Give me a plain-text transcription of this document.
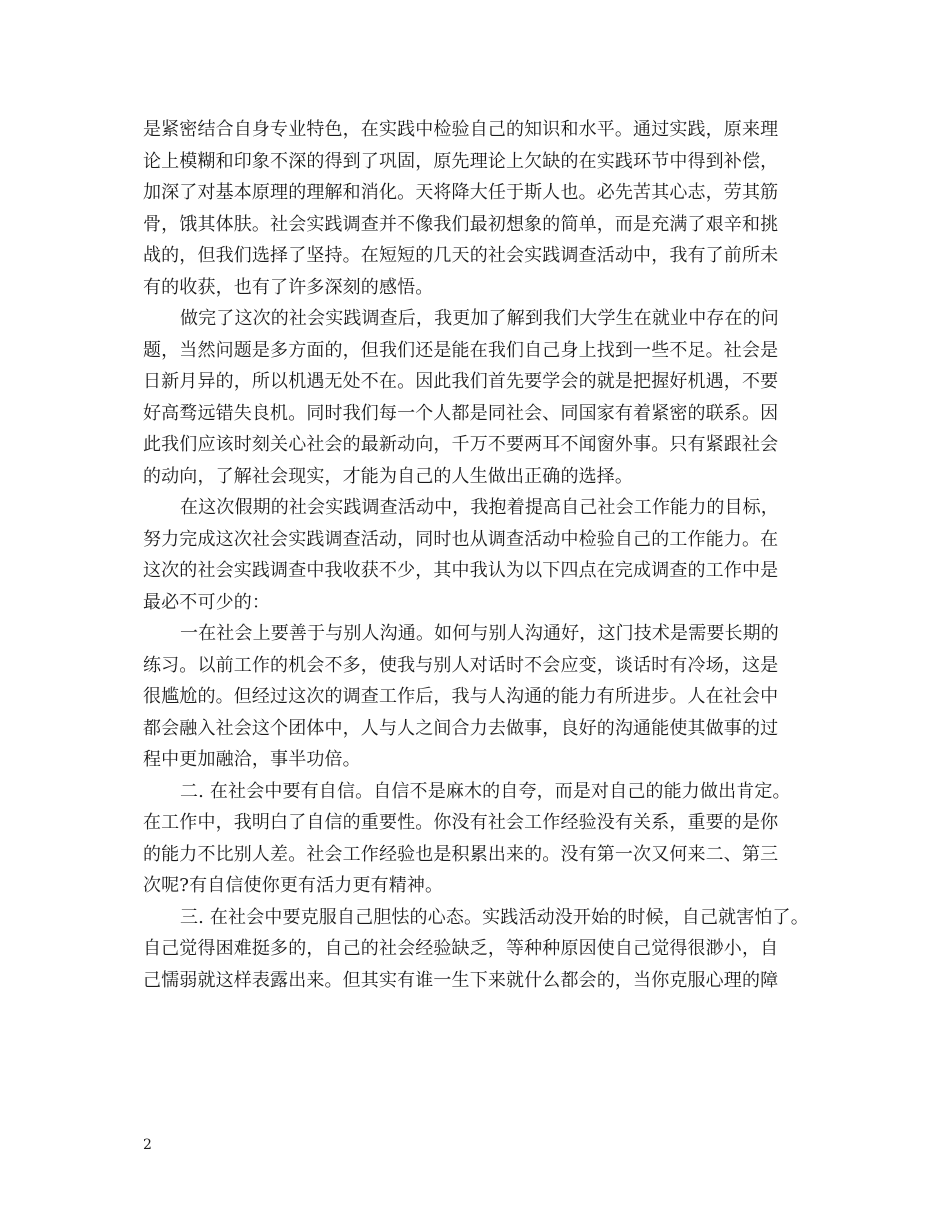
是紧密结合自身专业特色，在实践中检验自己的知识和水平。通过实践，原来理
论上模糊和印象不深的得到了巩固，原先理论上欠缺的在实践环节中得到补偿，
加深了对基本原理的理解和消化。天将降大任于斯人也。必先苦其心志，劳其筋
骨，饿其体肤。社会实践调查并不像我们最初想象的简单，而是充满了艰辛和挑
战的，但我们选择了坚持。在短短的几天的社会实践调查活动中，我有了前所未
有的收获，也有了许多深刻的感悟。
做完了这次的社会实践调查后，我更加了解到我们大学生在就业中存在的问
题，当然问题是多方面的，但我们还是能在我们自己身上找到一些不足。社会是
日新月异的，所以机遇无处不在。因此我们首先要学会的就是把握好机遇，不要
好高骛远错失良机。同时我们每一个人都是同社会、同国家有着紧密的联系。因
此我们应该时刻关心社会的最新动向，千万不要两耳不闻窗外事。只有紧跟社会
的动向，了解社会现实，才能为自己的人生做出正确的选择。
在这次假期的社会实践调查活动中，我抱着提高自己社会工作能力的目标，
努力完成这次社会实践调查活动，同时也从调查活动中检验自己的工作能力。在
这次的社会实践调查中我收获不少，其中我认为以下四点在完成调查的工作中是
最必不可少的：
一在社会上要善于与别人沟通。如何与别人沟通好，这门技术是需要长期的
练习。以前工作的机会不多，使我与别人对话时不会应变，谈话时有冷场，这是
很尴尬的。但经过这次的调查工作后，我与人沟通的能力有所进步。人在社会中
都会融入社会这个团体中，人与人之间合力去做事，良好的沟通能使其做事的过
程中更加融洽，事半功倍。
二. 在社会中要有自信。自信不是麻木的自夸，而是对自己的能力做出肯定。
在工作中，我明白了自信的重要性。你没有社会工作经验没有关系，重要的是你
的能力不比别人差。社会工作经验也是积累出来的。没有第一次又何来二、第三
次呢?有自信使你更有活力更有精神。
三. 在社会中要克服自己胆怯的心态。实践活动没开始的时候，自己就害怕了。
自己觉得困难挺多的，自己的社会经验缺乏，等种种原因使自己觉得很渺小，自
己懦弱就这样表露出来。但其实有谁一生下来就什么都会的，当你克服心理的障
2
